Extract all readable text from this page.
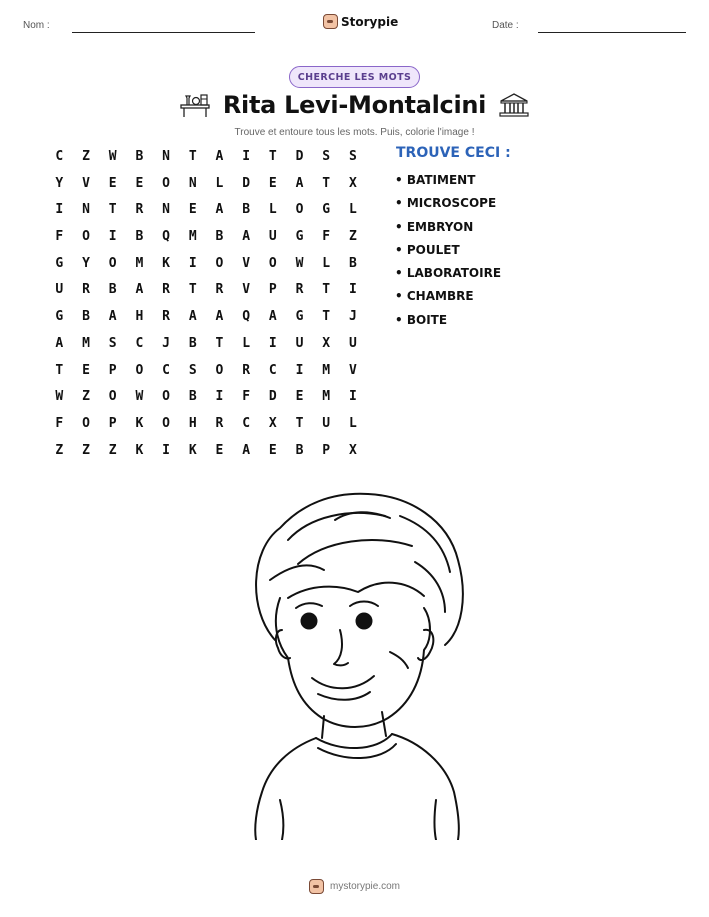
Nom :	Storypie	Date :
CHERCHE LES MOTS
Rita Levi-Montalcini
Trouve et entoure tous les mots. Puis, colorie l'image !
C	Z	W	B	N	T	A	I	T	D	S	S
Y	V	E	E	O	N	L	D	E	A	T	X
I	N	T	R	N	E	A	B	L	O	G	L
F	O	I	B	Q	M	B	A	U	G	F	Z
G	Y	O	M	K	I	O	V	O	W	L	B
U	R	B	A	R	T	R	V	P	R	T	I
G	B	A	H	R	A	A	Q	A	G	T	J
A	M	S	C	J	B	T	L	I	U	X	U
T	E	P	O	C	S	O	R	C	I	M	V
W	Z	O	W	O	B	I	F	D	E	M	I
F	O	P	K	O	H	R	C	X	T	U	L
Z	Z	Z	K	I	K	E	A	E	B	P	X
TROUVE CECI :
• BATIMENT
• MICROSCOPE
• EMBRYON
• POULET
• LABORATOIRE
• CHAMBRE
• BOITE
mystorypie.com
